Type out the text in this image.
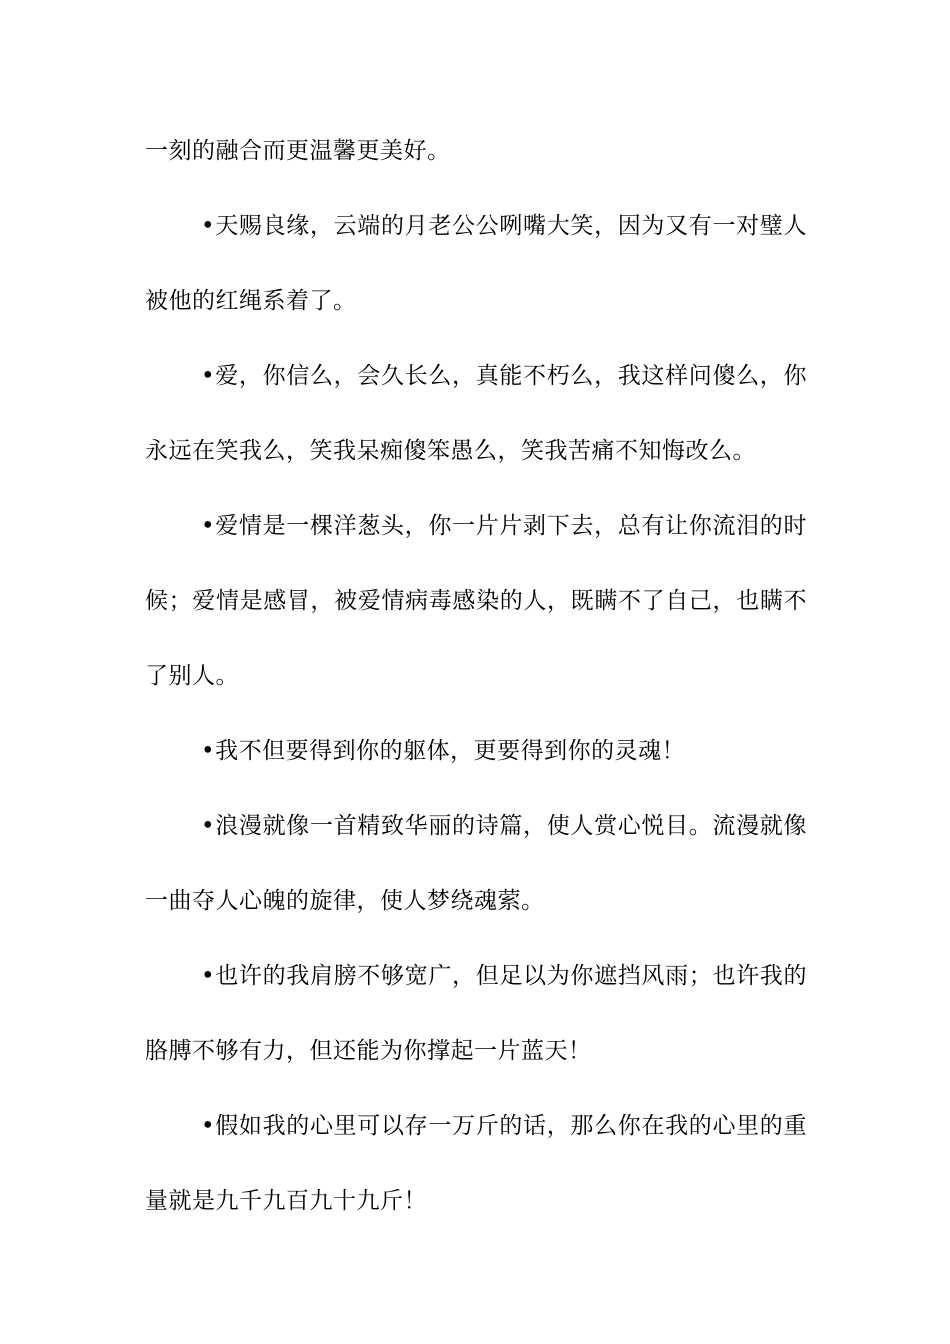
一刻的融合而更温馨更美好。

•天赐良缘，云端的月老公公咧嘴大笑，因为又有一对璧人被他的红绳系着了。

•爱，你信么，会久长么，真能不朽么，我这样问傻么，你永远在笑我么，笑我呆痴傻笨愚么，笑我苦痛不知悔改么。

•爱情是一棵洋葱头，你一片片剥下去，总有让你流泪的时候；爱情是感冒，被爱情病毒感染的人，既瞒不了自己，也瞒不了别人。

•我不但要得到你的躯体，更要得到你的灵魂！

•浪漫就像一首精致华丽的诗篇，使人赏心悦目。流漫就像一曲夺人心魄的旋律，使人梦绕魂萦。

•也许的我肩膀不够宽广，但足以为你遮挡风雨；也许我的胳膊不够有力，但还能为你撑起一片蓝天！

•假如我的心里可以存一万斤的话，那么你在我的心里的重量就是九千九百九十九斤！
